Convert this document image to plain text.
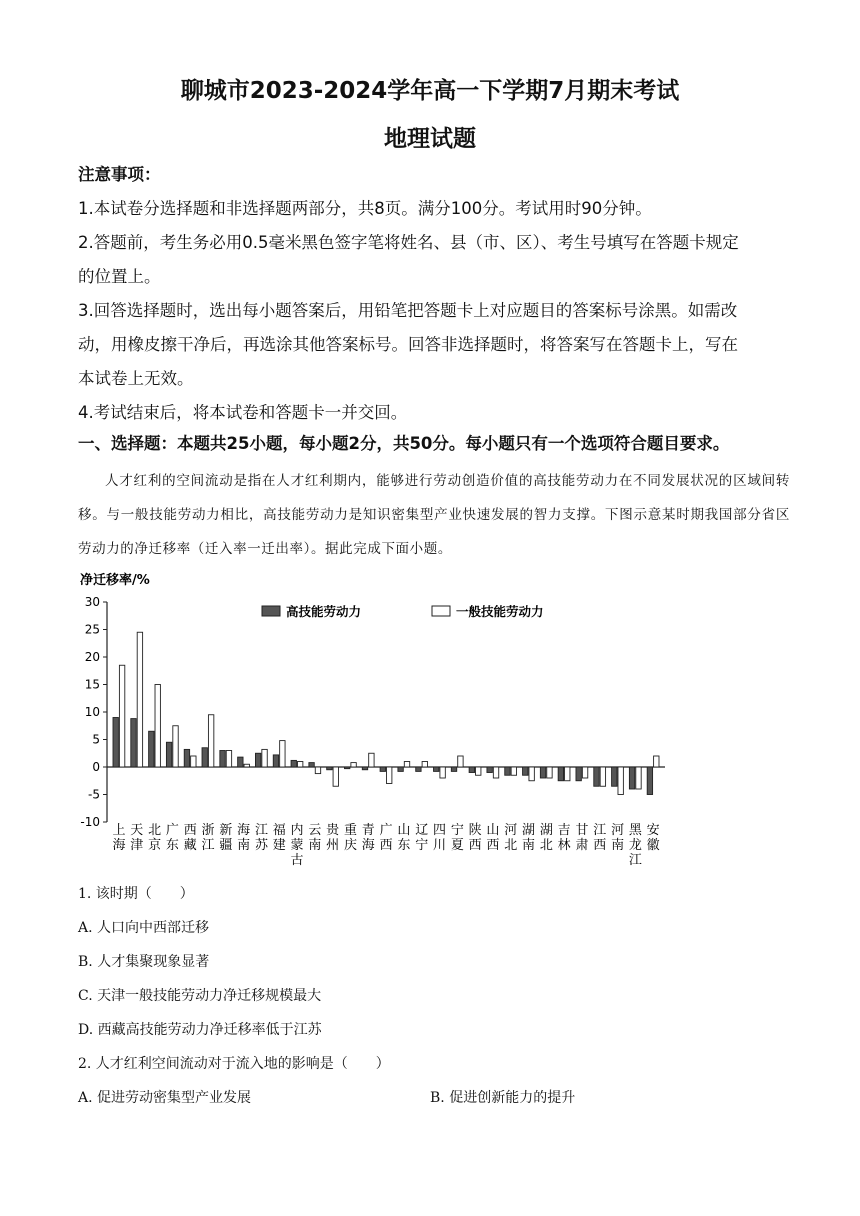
聊城市2023-2024学年高一下学期7月期末考试
地理试题

注意事项：

1.本试卷分选择题和非选择题两部分，共8页。满分100分。考试用时90分钟。

2.答题前，考生务必用0.5毫米黑色签字笔将姓名、县（市、区）、考生号填写在答题卡规定

的位置上。

3.回答选择题时，选出每小题答案后，用铅笔把答题卡上对应题目的答案标号涂黑。如需改

动，用橡皮擦干净后，再选涂其他答案标号。回答非选择题时，将答案写在答题卡上，写在

本试卷上无效。

4.考试结束后，将本试卷和答题卡一并交回。

一、选择题：本题共25小题，每小题2分，共50分。每小题只有一个选项符合题目要求。
人才红利的空间流动是指在人才红利期内，能够进行劳动创造价值的高技能劳动力在不同发展状况的区域间转移。与一般技能劳动力相比，高技能劳动力是知识密集型产业快速发展的智力支撑。下图示意某时期我国部分省区劳动力的净迁移率（迁入率一迁出率）。据此完成下面小题。
净迁移率/%
30
25
20
15
10
5
0
-5
-10
上海
天津
北京
广东
西藏
浙江
新疆
海南
江苏
福建
内蒙古
云南
贵州
重庆
青海
广西
山东
辽宁
四川
宁夏
陕西
山西
河北
湖南
湖北
吉林
甘肃
江西
河南
黑龙江
安徽
高技能劳动力	一般技能劳动力
1. 该时期（　　）
A. 人口向中西部迁移
B. 人才集聚现象显著
C. 天津一般技能劳动力净迁移规模最大
D. 西藏高技能劳动力净迁移率低于江苏
2. 人才红利空间流动对于流入地的影响是（　　）
A. 促进劳动密集型产业发展	B. 促进创新能力的提升
